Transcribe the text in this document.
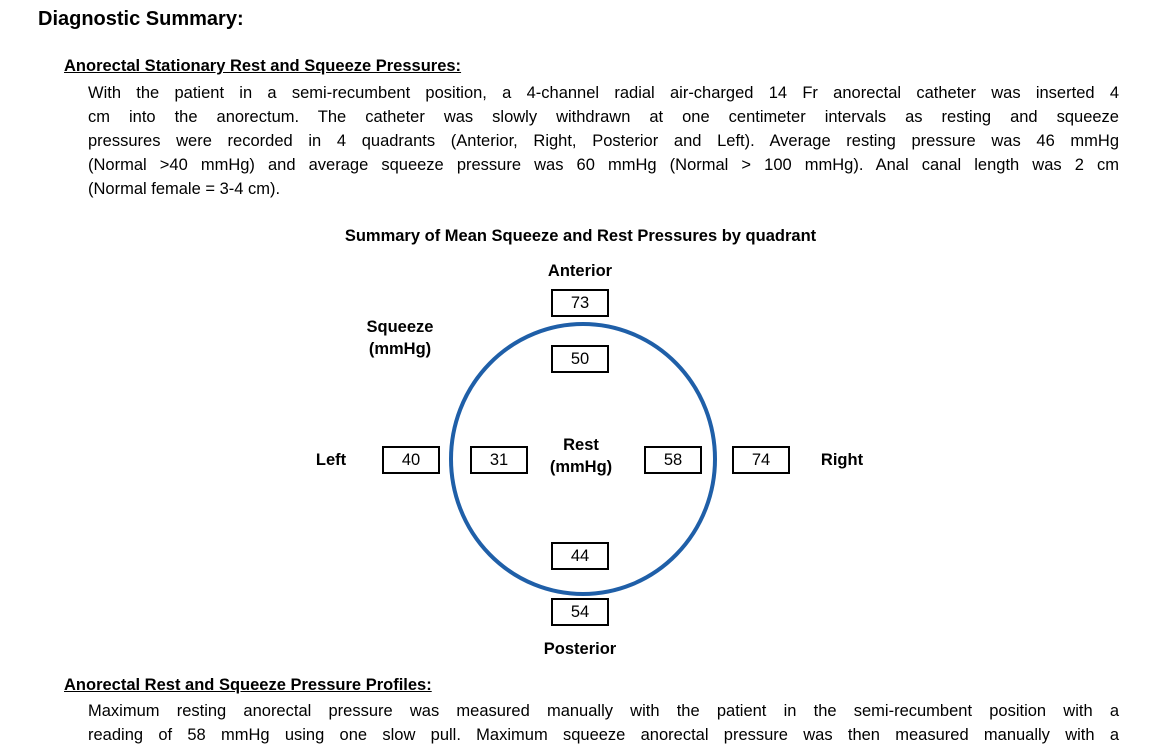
Diagnostic Summary:
Anorectal Stationary Rest and Squeeze Pressures:
With the patient in a semi-recumbent position, a 4-channel radial air-charged 14 Fr anorectal catheter was inserted 4
cm into the anorectum. The catheter was slowly withdrawn at one centimeter intervals as resting and squeeze
pressures were recorded in 4 quadrants (Anterior, Right, Posterior and Left). Average resting pressure was 46 mmHg
(Normal >40 mmHg) and average squeeze pressure was 60 mmHg (Normal > 100 mmHg). Anal canal length was 2 cm
(Normal female = 3-4 cm).
Summary of Mean Squeeze and Rest Pressures by quadrant
Anterior
73
50
Squeeze
(mmHg)
Left	40	31
Rest
(mmHg)	58	74	Right
44
54
Posterior
Anorectal Rest and Squeeze Pressure Profiles:
Maximum resting anorectal pressure was measured manually with the patient in the semi-recumbent position with a
reading of 58 mmHg using one slow pull. Maximum squeeze anorectal pressure was then measured manually with a
